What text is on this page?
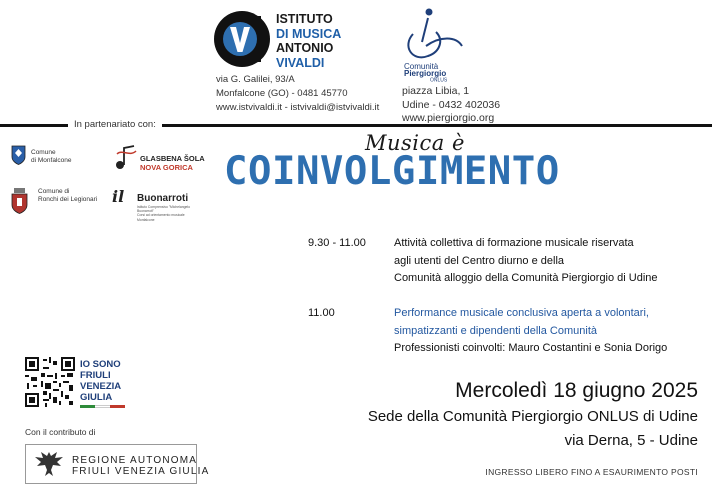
ISTITUTO
DI MUSICA
ANTONIO
VIVALDI
via G. Galilei, 93/A
Monfalcone (GO) - 0481 45770
www.istvivaldi.it - istvivaldi@istvivaldi.it
Comunità
Piergiorgio
ONLUS
piazza Libia, 1
Udine - 0432 402036
www.piergiorgio.org
In partenariato con:
Comune
di Monfalcone
Comune di
Ronchi dei Legionari
GLASBENA ŠOLA
NOVA GORICA
il Buonarroti
Istituto Comprensivo "Michelangelo Buonarroti"
Corsi ad orientamento musicale Monfalcone
Musica è
COINVOLGIMENTO
9.30 - 11.00	Attività collettiva di formazione musicale riservata
agli utenti del Centro diurno e della
Comunità alloggio della Comunità Piergiorgio di Udine
11.00	Performance musicale conclusiva aperta a volontari,
simpatizzanti e dipendenti della Comunità
Professionisti coinvolti: Mauro Costantini e Sonia Dorigo
Mercoledì 18 giugno 2025
Sede della Comunità Piergiorgio ONLUS di Udine
via Derna, 5 - Udine
INGRESSO LIBERO FINO A ESAURIMENTO POSTI
IO SONO
FRIULI
VENEZIA
GIULIA
Con il contributo di
REGIONE AUTONOMA
FRIULI VENEZIA GIULIA
